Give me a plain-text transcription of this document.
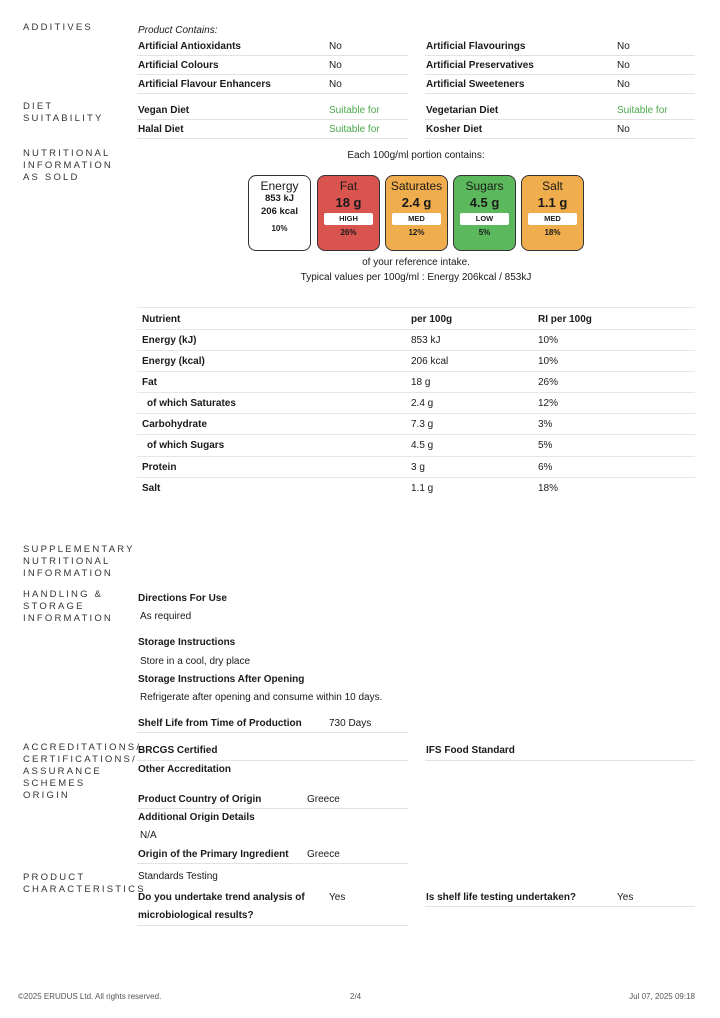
ADDITIVES	Product Contains:
Artificial Antioxidants	No	Artificial Flavourings	No
Artificial Colours	No	Artificial Preservatives	No
Artificial Flavour Enhancers	No	Artificial Sweeteners	No
DIET SUITABILITY
Vegan Diet	Suitable for	Vegetarian Diet	Suitable for
Halal Diet	Suitable for	Kosher Diet	No
NUTRITIONAL INFORMATION AS SOLD
Each 100g/ml portion contains:
Energy
853 kJ
206 kcal
10%
Fat
18 g
HIGH
26%
Saturates
2.4 g
MED
12%
Sugars
4.5 g
LOW
5%
Salt
1.1 g
MED
18%
of your reference intake.
Typical values per 100g/ml : Energy 206kcal / 853kJ
Nutrient	per 100g	RI per 100g
Energy (kJ)	853 kJ	10%
Energy (kcal)	206 kcal	10%
Fat	18 g	26%
of which Saturates	2.4 g	12%
Carbohydrate	7.3 g	3%
of which Sugars	4.5 g	5%
Protein	3 g	6%
Salt	1.1 g	18%
SUPPLEMENTARY NUTRITIONAL INFORMATION
HANDLING & STORAGE INFORMATION
Directions For Use
As required
Storage Instructions
Store in a cool, dry place
Storage Instructions After Opening
Refrigerate after opening and consume within 10 days.
Shelf Life from Time of Production	730 Days
ACCREDITATIONS/ CERTIFICATIONS/ ASSURANCE SCHEMES
ORIGIN
BRCGS Certified	IFS Food Standard
Other Accreditation
Product Country of Origin	Greece
Additional Origin Details
N/A
Origin of the Primary Ingredient Greece
PRODUCT CHARACTERISTICS
Standards Testing
Do you undertake trend analysis of
microbiological results?
Yes	Is shelf life testing undertaken?	Yes
©2025 ERUDUS Ltd. All rights reserved.	2/4	Jul 07, 2025 09:18
